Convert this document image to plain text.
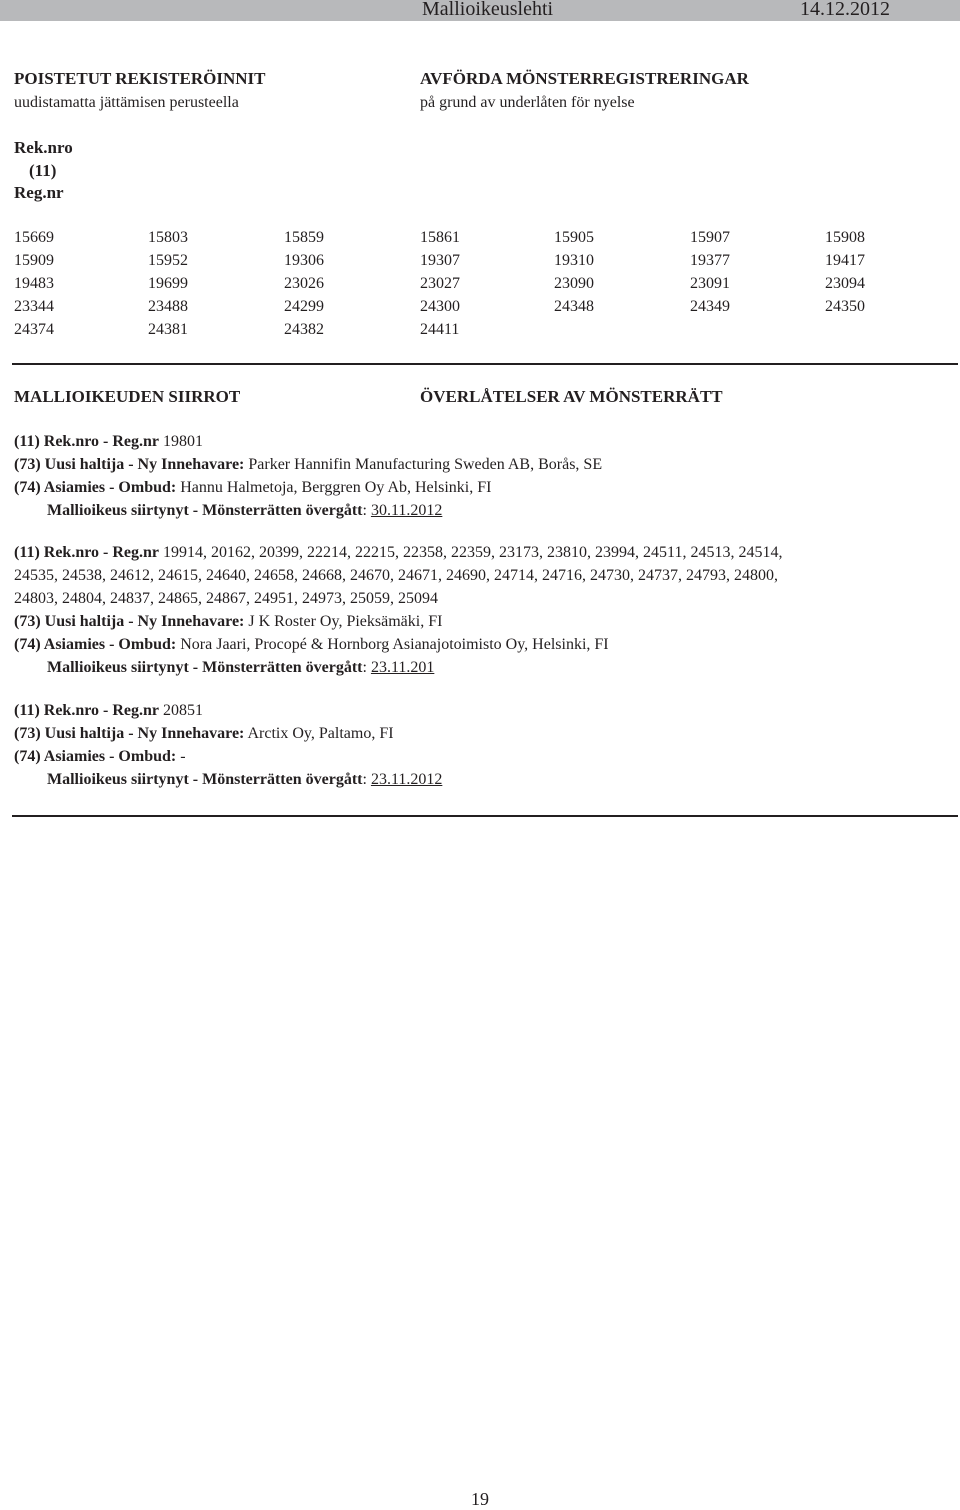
Mallioikeuslehti	14.12.2012
POISTETUT REKISTERÖINNIT
uudistamatta jättämisen perusteella
AVFÖRDA MÖNSTERREGISTRERINGAR
på grund av underlåten för nyelse
Rek.nro
(11)
Reg.nr
15669	15803	15859	15861	15905	15907	15908
15909	15952	19306	19307	19310	19377	19417
19483	19699	23026	23027	23090	23091	23094
23344	23488	24299	24300	24348	24349	24350
24374	24381	24382	24411
MALLIOIKEUDEN SIIRROT	ÖVERLÅTELSER AV MÖNSTERRÄTT
(11) Rek.nro - Reg.nr 19801
(73) Uusi haltija - Ny Innehavare: Parker Hannifin Manufacturing Sweden AB, Borås, SE
(74) Asiamies - Ombud: Hannu Halmetoja, Berggren Oy Ab, Helsinki, FI
Mallioikeus siirtynyt - Mönsterrätten övergått: 30.11.2012
(11) Rek.nro - Reg.nr 19914, 20162, 20399, 22214, 22215, 22358, 22359, 23173, 23810, 23994, 24511, 24513, 24514,
24535, 24538, 24612, 24615, 24640, 24658, 24668, 24670, 24671, 24690, 24714, 24716, 24730, 24737, 24793, 24800,
24803, 24804, 24837, 24865, 24867, 24951, 24973, 25059, 25094
(73) Uusi haltija - Ny Innehavare: J K Roster Oy, Pieksämäki, FI
(74) Asiamies - Ombud: Nora Jaari, Procopé & Hornborg Asianajotoimisto Oy, Helsinki, FI
Mallioikeus siirtynyt - Mönsterrätten övergått: 23.11.201
(11) Rek.nro - Reg.nr 20851
(73) Uusi haltija - Ny Innehavare: Arctix Oy, Paltamo, FI
(74) Asiamies - Ombud: -
Mallioikeus siirtynyt - Mönsterrätten övergått: 23.11.2012
19
